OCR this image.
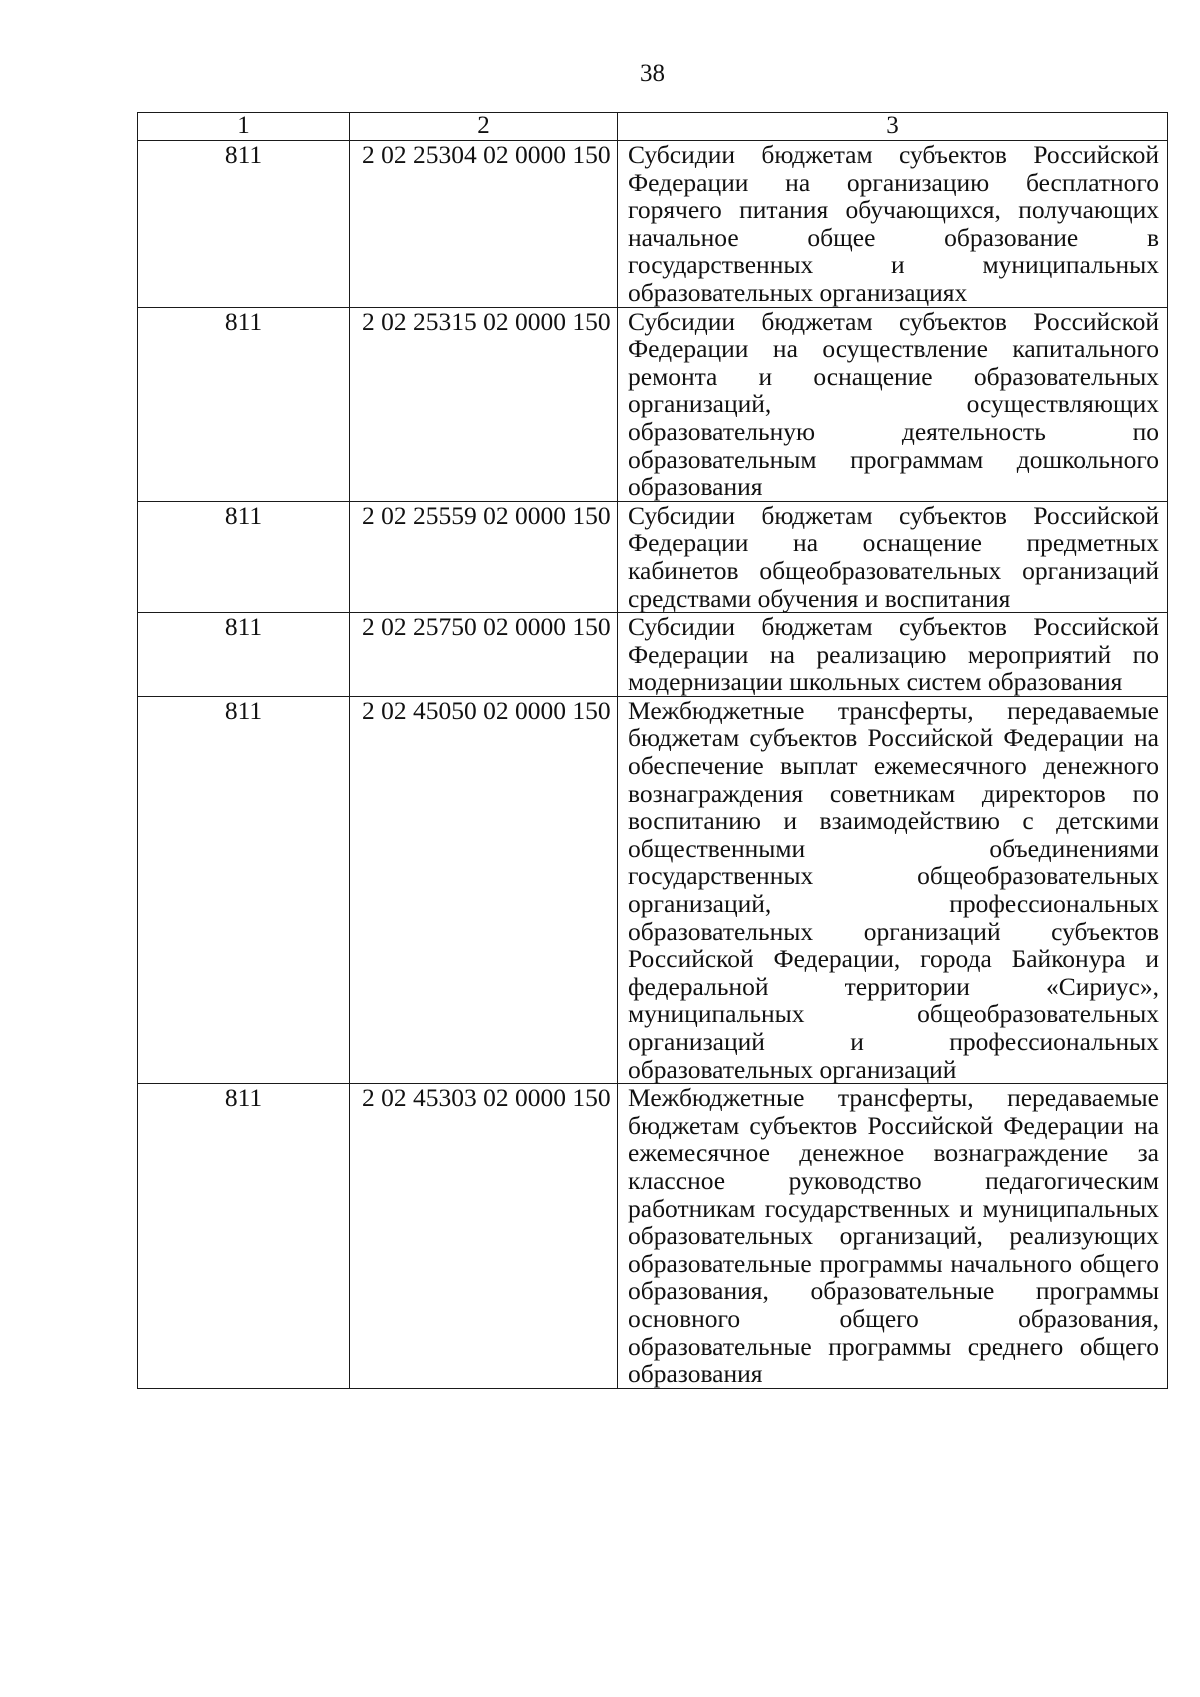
38
1	2	3
811	2 02 25304 02 0000 150	Субсидии бюджетам субъектов Российской Федерации на организацию бесплатного горячего питания обучающихся, получающих начальное общее образование в государственных и муниципальных образовательных организациях
811	2 02 25315 02 0000 150	Субсидии бюджетам субъектов Российской Федерации на осуществление капитального ремонта и оснащение образовательных организаций, осуществляющих образовательную деятельность по образовательным программам дошкольного образования
811	2 02 25559 02 0000 150	Субсидии бюджетам субъектов Российской Федерации на оснащение предметных кабинетов общеобразовательных организаций средствами обучения и воспитания
811	2 02 25750 02 0000 150	Субсидии бюджетам субъектов Российской Федерации на реализацию мероприятий по модернизации школьных систем образования
811	2 02 45050 02 0000 150	Межбюджетные трансферты, передаваемые бюджетам субъектов Российской Федерации на обеспечение выплат ежемесячного денежного вознаграждения советникам директоров по воспитанию и взаимодействию с детскими общественными объединениями государственных общеобразовательных организаций, профессиональных образовательных организаций субъектов Российской Федерации, города Байконура и федеральной территории «Сириус», муниципальных общеобразовательных организаций и профессиональных образовательных организаций
811	2 02 45303 02 0000 150	Межбюджетные трансферты, передаваемые бюджетам субъектов Российской Федерации на ежемесячное денежное вознаграждение за классное руководство педагогическим работникам государственных и муниципальных образовательных организаций, реализующих образовательные программы начального общего образования, образовательные программы основного общего образования, образовательные программы среднего общего образования
